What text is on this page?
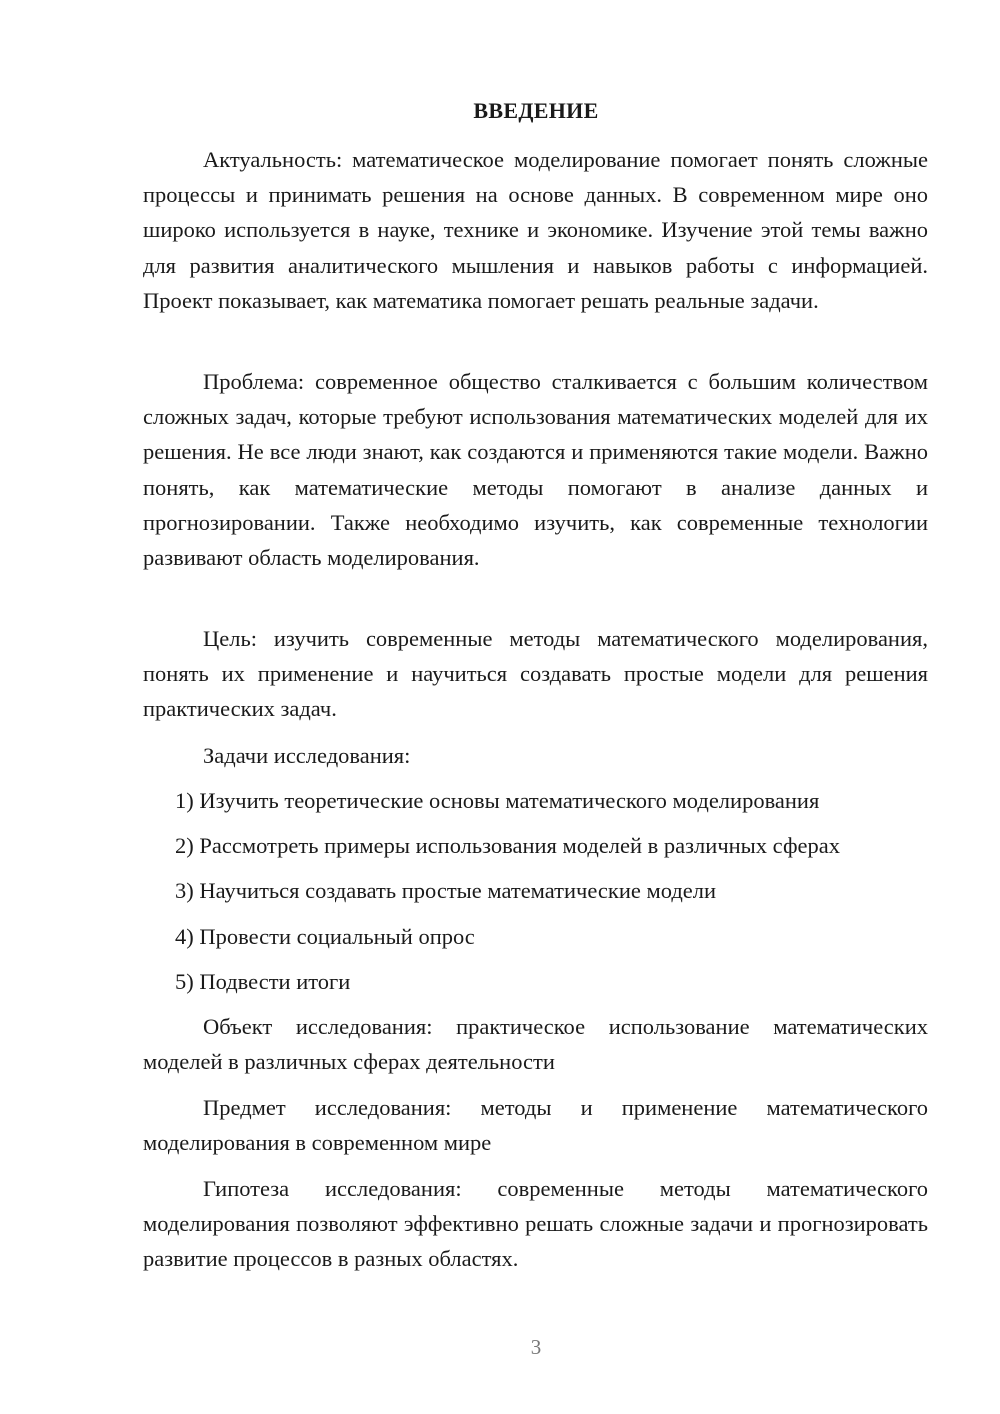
ВВЕДЕНИЕ

Актуальность: математическое моделирование помогает понять сложные процессы и принимать решения на основе данных. В современном мире оно широко используется в науке, технике и экономике. Изучение этой темы важно для развития аналитического мышления и навыков работы с информацией. Проект показывает, как математика помогает решать реальные задачи.

Проблема: современное общество сталкивается с большим количеством сложных задач, которые требуют использования математических моделей для их решения. Не все люди знают, как создаются и применяются такие модели. Важно понять, как математические методы помогают в анализе данных и прогнозировании. Также необходимо изучить, как современные технологии развивают область моделирования.

Цель: изучить современные методы математического моделирования, понять их применение и научиться создавать простые модели для решения практических задач.

Задачи исследования:

1) Изучить теоретические основы математического моделирования

2) Рассмотреть примеры использования моделей в различных сферах

3) Научиться создавать простые математические модели

4) Провести социальный опрос

5) Подвести итоги

Объект исследования: практическое использование математических моделей в различных сферах деятельности

Предмет исследования: методы и применение математического моделирования в современном мире

Гипотеза исследования: современные методы математического моделирования позволяют эффективно решать сложные задачи и прогнозировать развитие процессов в разных областях.

3
